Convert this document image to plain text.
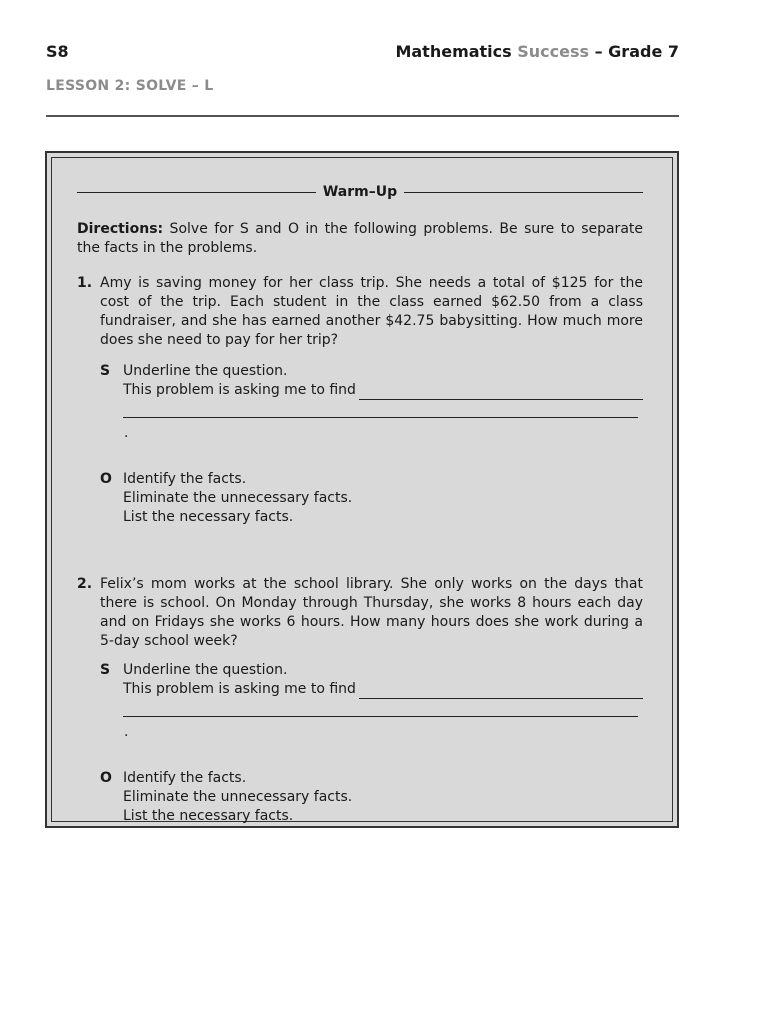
S8	Mathematics Success – Grade 7
LESSON 2: SOLVE – L
Warm–Up
Directions: Solve for S and O in the following problems. Be sure to separate the facts in the problems.
1. Amy is saving money for her class trip. She needs a total of $125 for the cost of the trip. Each student in the class earned $62.50 from a class fundraiser, and she has earned another $42.75 babysitting. How much more does she need to pay for her trip?
S Underline the question.
This problem is asking me to find
.
O Identify the facts.
Eliminate the unnecessary facts.
List the necessary facts.
2. Felix’s mom works at the school library. She only works on the days that there is school. On Monday through Thursday, she works 8 hours each day and on Fridays she works 6 hours. How many hours does she work during a 5-day school week?
S Underline the question.
This problem is asking me to find
.
O Identify the facts.
Eliminate the unnecessary facts.
List the necessary facts.
